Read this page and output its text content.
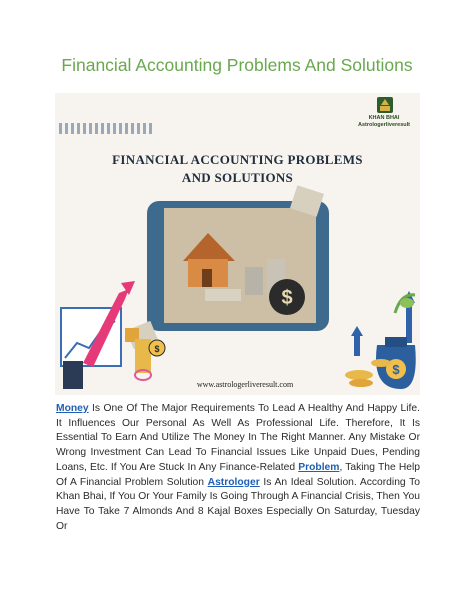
Financial Accounting Problems And Solutions
$
$
$
KHAN BHAI
Astrologerliveresult
FINANCIAL ACCOUNTING PROBLEMS
AND SOLUTIONS
www.astrologerliveresult.com
Money Is One Of The Major Requirements To Lead A Healthy And Happy Life. It Influences Our Personal As Well As Professional Life. Therefore, It Is Essential To Earn And Utilize The Money In The Right Manner. Any Mistake Or Wrong Investment Can Lead To Financial Issues Like Unpaid Dues, Pending Loans, Etc. If You Are Stuck In Any Finance-Related Problem, Taking The Help Of A Financial Problem Solution Astrologer Is An Ideal Solution. According To Khan Bhai, If You Or Your Family Is Going Through A Financial Crisis, Then You Have To Take 7 Almonds And 8 Kajal Boxes Especially On Saturday, Tuesday Or
